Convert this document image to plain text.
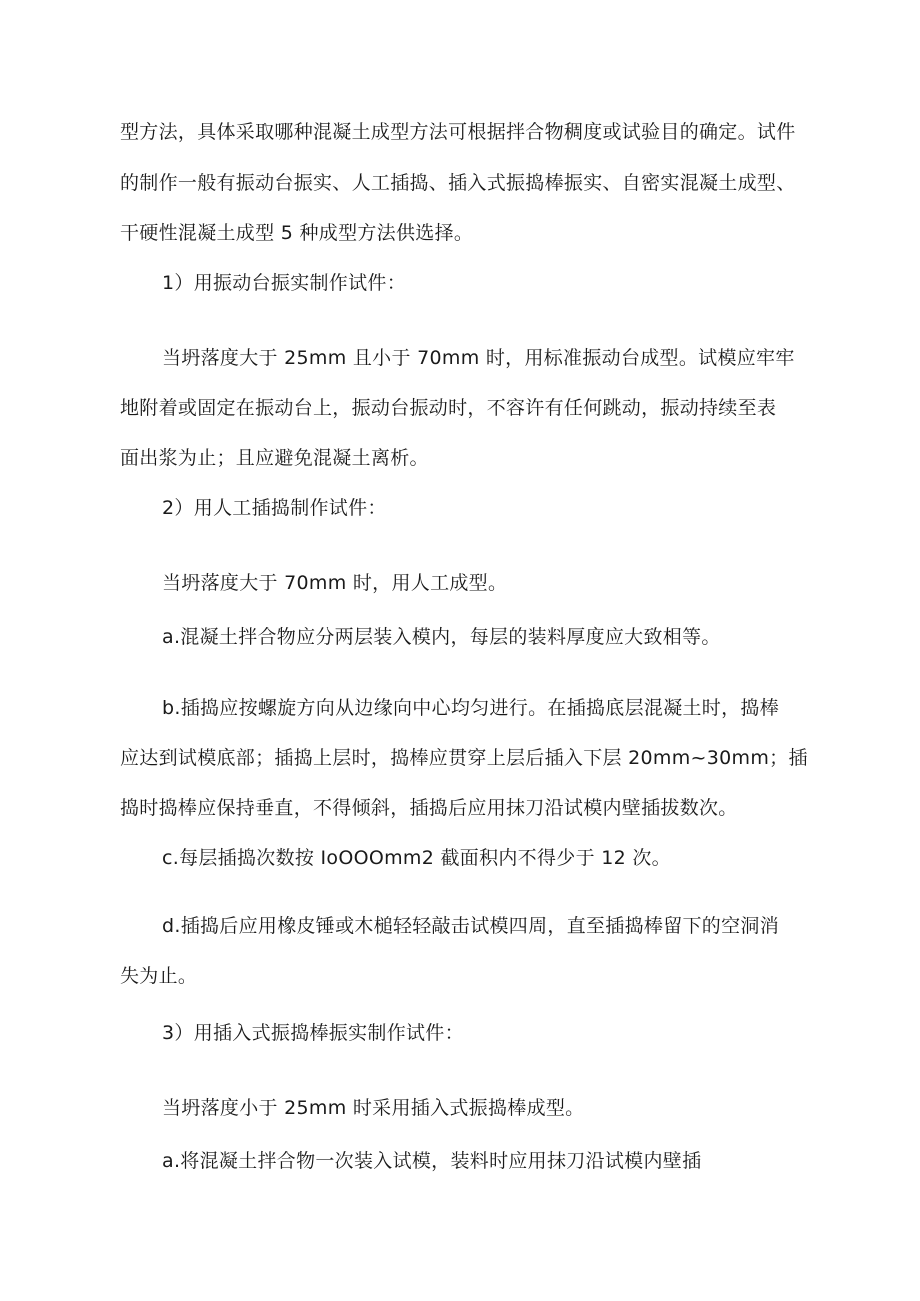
型方法，具体采取哪种混凝土成型方法可根据拌合物稠度或试验目的确定。试件
的制作一般有振动台振实、人工插捣、插入式振捣棒振实、自密实混凝土成型、
干硬性混凝土成型 5 种成型方法供选择。
1）用振动台振实制作试件：
当坍落度大于 25mm 且小于 70mm 时，用标准振动台成型。试模应牢牢
地附着或固定在振动台上，振动台振动时，不容许有任何跳动，振动持续至表
面出浆为止；且应避免混凝土离析。
2）用人工插捣制作试件：
当坍落度大于 70mm 时，用人工成型。
a.混凝土拌合物应分两层装入模内，每层的装料厚度应大致相等。
b.插捣应按螺旋方向从边缘向中心均匀进行。在插捣底层混凝土时，捣棒
应达到试模底部；插捣上层时，捣棒应贯穿上层后插入下层 20mm~30mm；插
捣时捣棒应保持垂直，不得倾斜，插捣后应用抹刀沿试模内壁插拔数次。
c.每层插捣次数按 IoOOOmm2 截面积内不得少于 12 次。
d.插捣后应用橡皮锤或木槌轻轻敲击试模四周，直至插捣棒留下的空洞消
失为止。
3）用插入式振捣棒振实制作试件：
当坍落度小于 25mm 时采用插入式振捣棒成型。
a.将混凝土拌合物一次装入试模，装料时应用抹刀沿试模内壁插
